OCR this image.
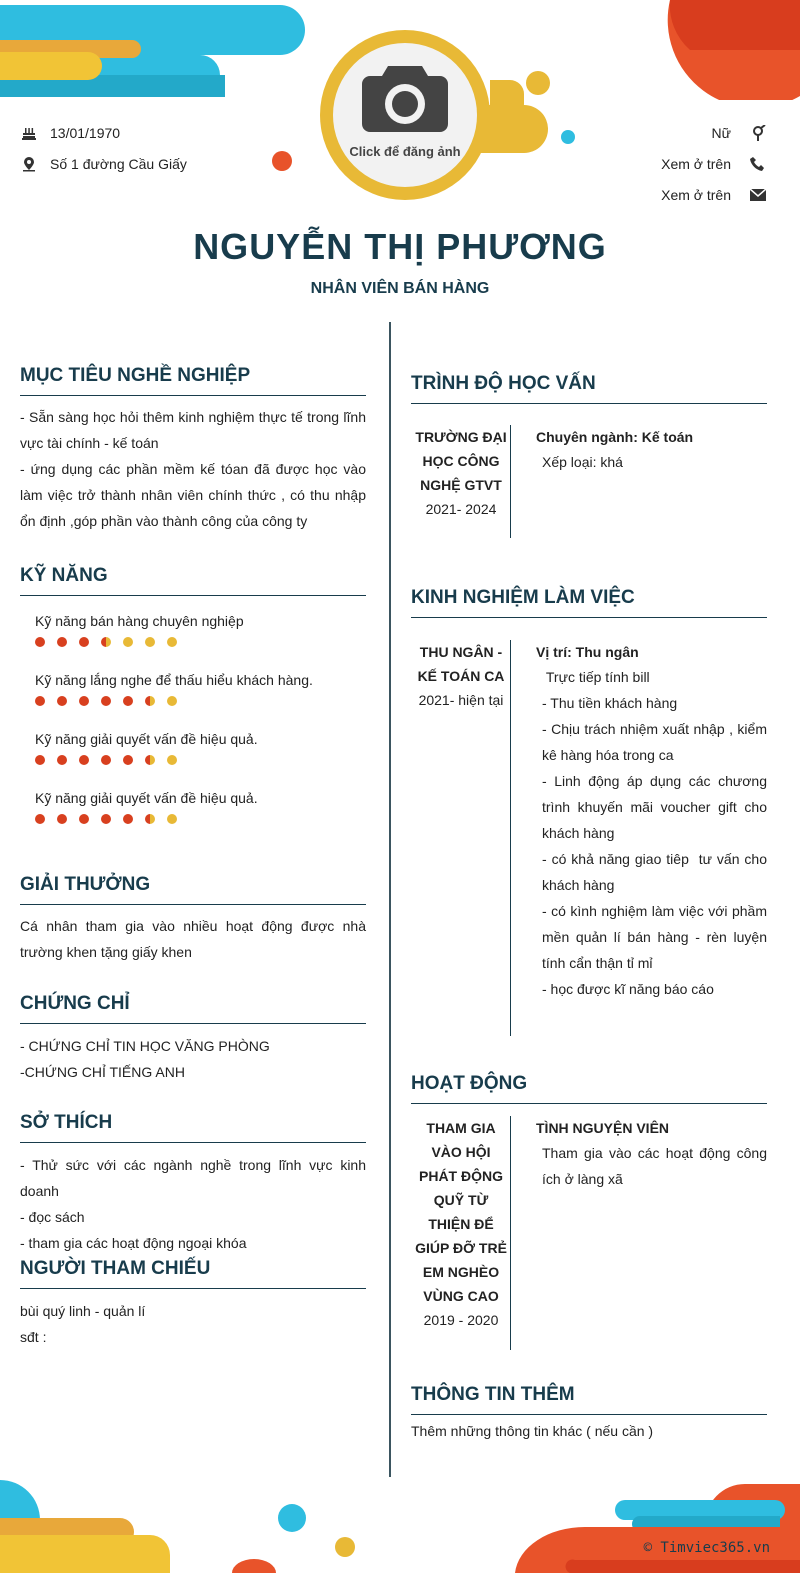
Click để đăng ảnh
13/01/1970
Số 1 đường Cầu Giấy
Nữ
Xem ở trên
Xem ở trên
NGUYỄN THỊ PHƯƠNG
NHÂN VIÊN BÁN HÀNG
MỤC TIÊU NGHỀ NGHIỆP
- Sẵn sàng học hỏi thêm kinh nghiệm thực tế trong lĩnh vực tài chính - kế toán
- ứng dụng các phần mềm kế tóan đã được học vào làm việc trở thành nhân viên chính thức , có thu nhập ổn định ,góp phần vào thành công của công ty
KỸ NĂNG
Kỹ năng bán hàng chuyên nghiệp
Kỹ năng lắng nghe để thấu hiểu khách hàng.
Kỹ năng giải quyết vấn đề hiệu quả.
Kỹ năng giải quyết vấn đề hiệu quả.
GIẢI THƯỞNG
Cá nhân tham gia vào nhiều hoạt động được nhà trường khen tặng giấy khen
CHỨNG CHỈ
- CHỨNG CHỈ TIN HỌC VĂNG PHÒNG
-CHỨNG CHỈ TIẾNG ANH
SỞ THÍCH
- Thử sức với các ngành nghề trong lĩnh vực kinh doanh
- đọc sách
- tham gia các hoạt động ngoại khóa
NGƯỜI THAM CHIẾU
bùi quý linh - quản lí
sđt :
TRÌNH ĐỘ HỌC VẤN
TRƯỜNG ĐẠI HỌC CÔNG NGHỆ GTVT
2021- 2024
Chuyên ngành: Kế toán
Xếp loại: khá
KINH NGHIỆM LÀM VIỆC
THU NGÂN - KẾ TOÁN CA
2021- hiện tại
Vị trí: Thu ngân
Trực tiếp tính bill
- Thu tiền khách hàng
- Chịu trách nhiệm xuất nhập , kiểm kê hàng hóa trong ca
- Linh động áp dụng các chương trình khuyến mãi voucher gift cho khách hàng
- có khả năng giao tiêp  tư vấn cho khách hàng
- có kình nghiệm làm việc với phầm mền quản lí bán hàng - rèn luyện tính cẩn thận tỉ mỉ
- học được kĩ năng báo cáo
HOẠT ĐỘNG
THAM GIA VÀO HỘI PHÁT ĐỘNG QUỸ TỪ THIỆN ĐỂ GIÚP ĐỠ TRẺ EM NGHÈO VÙNG CAO
2019 - 2020
TÌNH NGUYỆN VIÊN
Tham gia vào các hoạt động công ích ở làng xã
THÔNG TIN THÊM
Thêm những thông tin khác ( nếu cần )
© Timviec365.vn
